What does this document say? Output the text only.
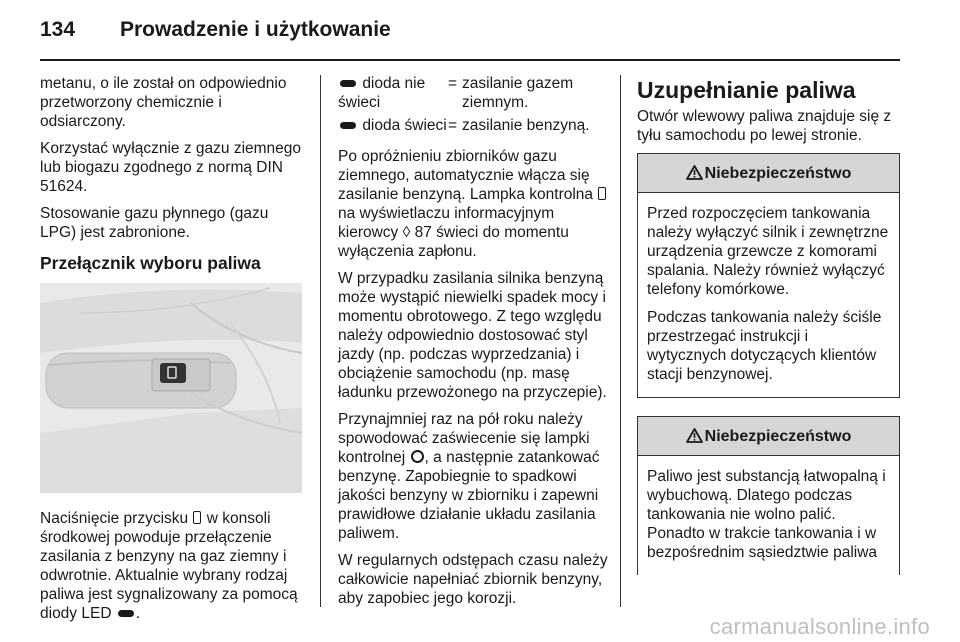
134 Prowadzenie i użytkowanie

metanu, o ile został on odpowiednio przetworzony chemicznie i odsiarczony.

Korzystać wyłącznie z gazu ziemnego lub biogazu zgodnego z normą DIN 51624.

Stosowanie gazu płynnego (gazu LPG) jest zabronione.

Przełącznik wyboru paliwa

Naciśnięcie przycisku w konsoli środkowej powoduje przełączenie zasilania z benzyny na gaz ziemny i odwrotnie. Aktualnie wybrany rodzaj paliwa jest sygnalizowany za pomocą diody LED .

dioda nie świeci
= zasilanie gazem ziemnym.
dioda świeci = zasilanie benzyną.

Po opróżnieniu zbiorników gazu ziemnego, automatycznie włącza się zasilanie benzyną. Lampka kontrolna  na wyświetlaczu informacyjnym kierowcy ◊ 87 świeci do momentu wyłączenia zapłonu.

W przypadku zasilania silnika benzyną może wystąpić niewielki spadek mocy i momentu obrotowego. Z tego względu należy odpowiednio dostosować styl jazdy (np. podczas wyprzedzania) i obciążenie samochodu (np. masę ładunku przewożonego na przyczepie).

Przynajmniej raz na pół roku należy spowodować zaświecenie się lampki kontrolnej , a następnie zatankować benzynę. Zapobiegnie to spadkowi jakości benzyny w zbiorniku i zapewni prawidłowe działanie układu zasilania paliwem.

W regularnych odstępach czasu należy całkowicie napełniać zbiornik benzyny, aby zapobiec jego korozji.

Uzupełnianie paliwa

Otwór wlewowy paliwa znajduje się z tyłu samochodu po lewej stronie.

Niebezpieczeństwo

Przed rozpoczęciem tankowania należy wyłączyć silnik i zewnętrzne urządzenia grzewcze z komorami spalania. Należy również wyłączyć telefony komórkowe.

Podczas tankowania należy ściśle przestrzegać instrukcji i wytycznych dotyczących klientów stacji benzynowej.

Niebezpieczeństwo

Paliwo jest substancją łatwopalną i wybuchową. Dlatego podczas tankowania nie wolno palić. Ponadto w trakcie tankowania i w bezpośrednim sąsiedztwie paliwa

carmanualsonline.info
